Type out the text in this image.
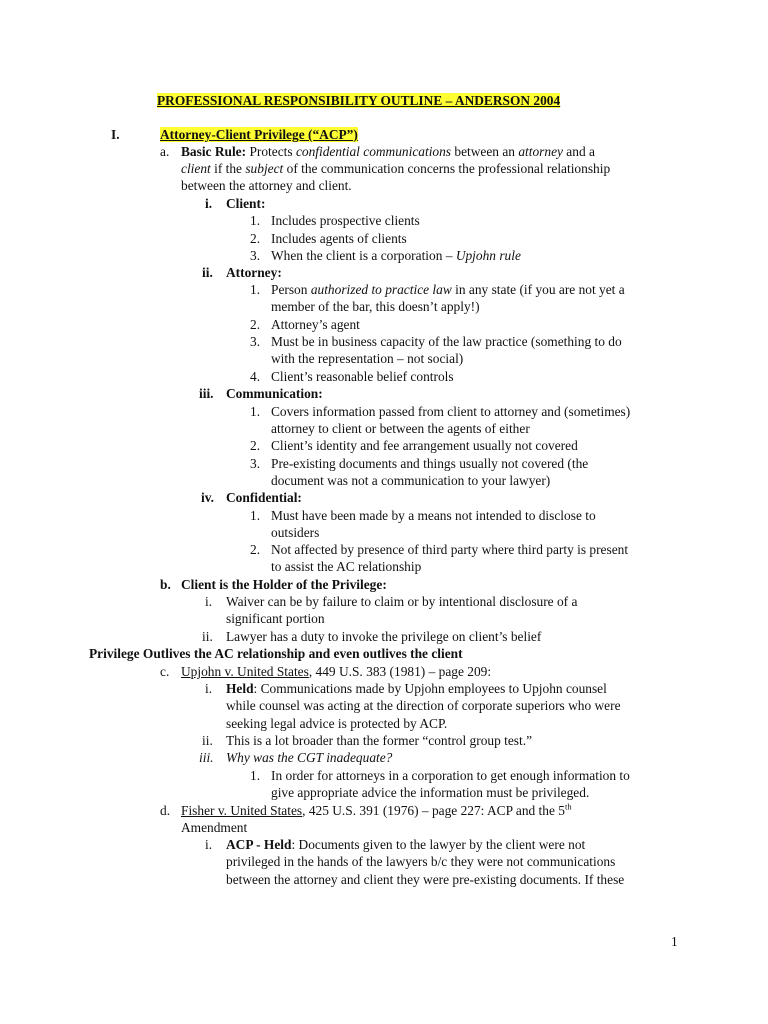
PROFESSIONAL RESPONSIBILITY OUTLINE – ANDERSON 2004
I.	Attorney-Client Privilege (“ACP”)
a. Basic Rule: Protects confidential communications between an attorney and a
client if the subject of the communication concerns the professional relationship
between the attorney and client.
i. Client:
1. Includes prospective clients
2. Includes agents of clients
3. When the client is a corporation – Upjohn rule
ii. Attorney:
1. Person authorized to practice law in any state (if you are not yet a
member of the bar, this doesn’t apply!)
2. Attorney’s agent
3. Must be in business capacity of the law practice (something to do
with the representation – not social)
4. Client’s reasonable belief controls
iii. Communication:
1. Covers information passed from client to attorney and (sometimes)
attorney to client or between the agents of either
2. Client’s identity and fee arrangement usually not covered
3. Pre-existing documents and things usually not covered (the
document was not a communication to your lawyer)
iv. Confidential:
1. Must have been made by a means not intended to disclose to
outsiders
2. Not affected by presence of third party where third party is present
to assist the AC relationship
b. Client is the Holder of the Privilege:
i. Waiver can be by failure to claim or by intentional disclosure of a
significant portion
ii. Lawyer has a duty to invoke the privilege on client’s belief
Privilege Outlives the AC relationship and even outlives the client
c. Upjohn v. United States, 449 U.S. 383 (1981) – page 209:
i. Held: Communications made by Upjohn employees to Upjohn counsel
while counsel was acting at the direction of corporate superiors who were
seeking legal advice is protected by ACP.
ii. This is a lot broader than the former “control group test.”
iii. Why was the CGT inadequate?
1. In order for attorneys in a corporation to get enough information to
give appropriate advice the information must be privileged.
d. Fisher v. United States, 425 U.S. 391 (1976) – page 227: ACP and the 5th
Amendment
i. ACP - Held: Documents given to the lawyer by the client were not
privileged in the hands of the lawyers b/c they were not communications
between the attorney and client they were pre-existing documents. If these
1
